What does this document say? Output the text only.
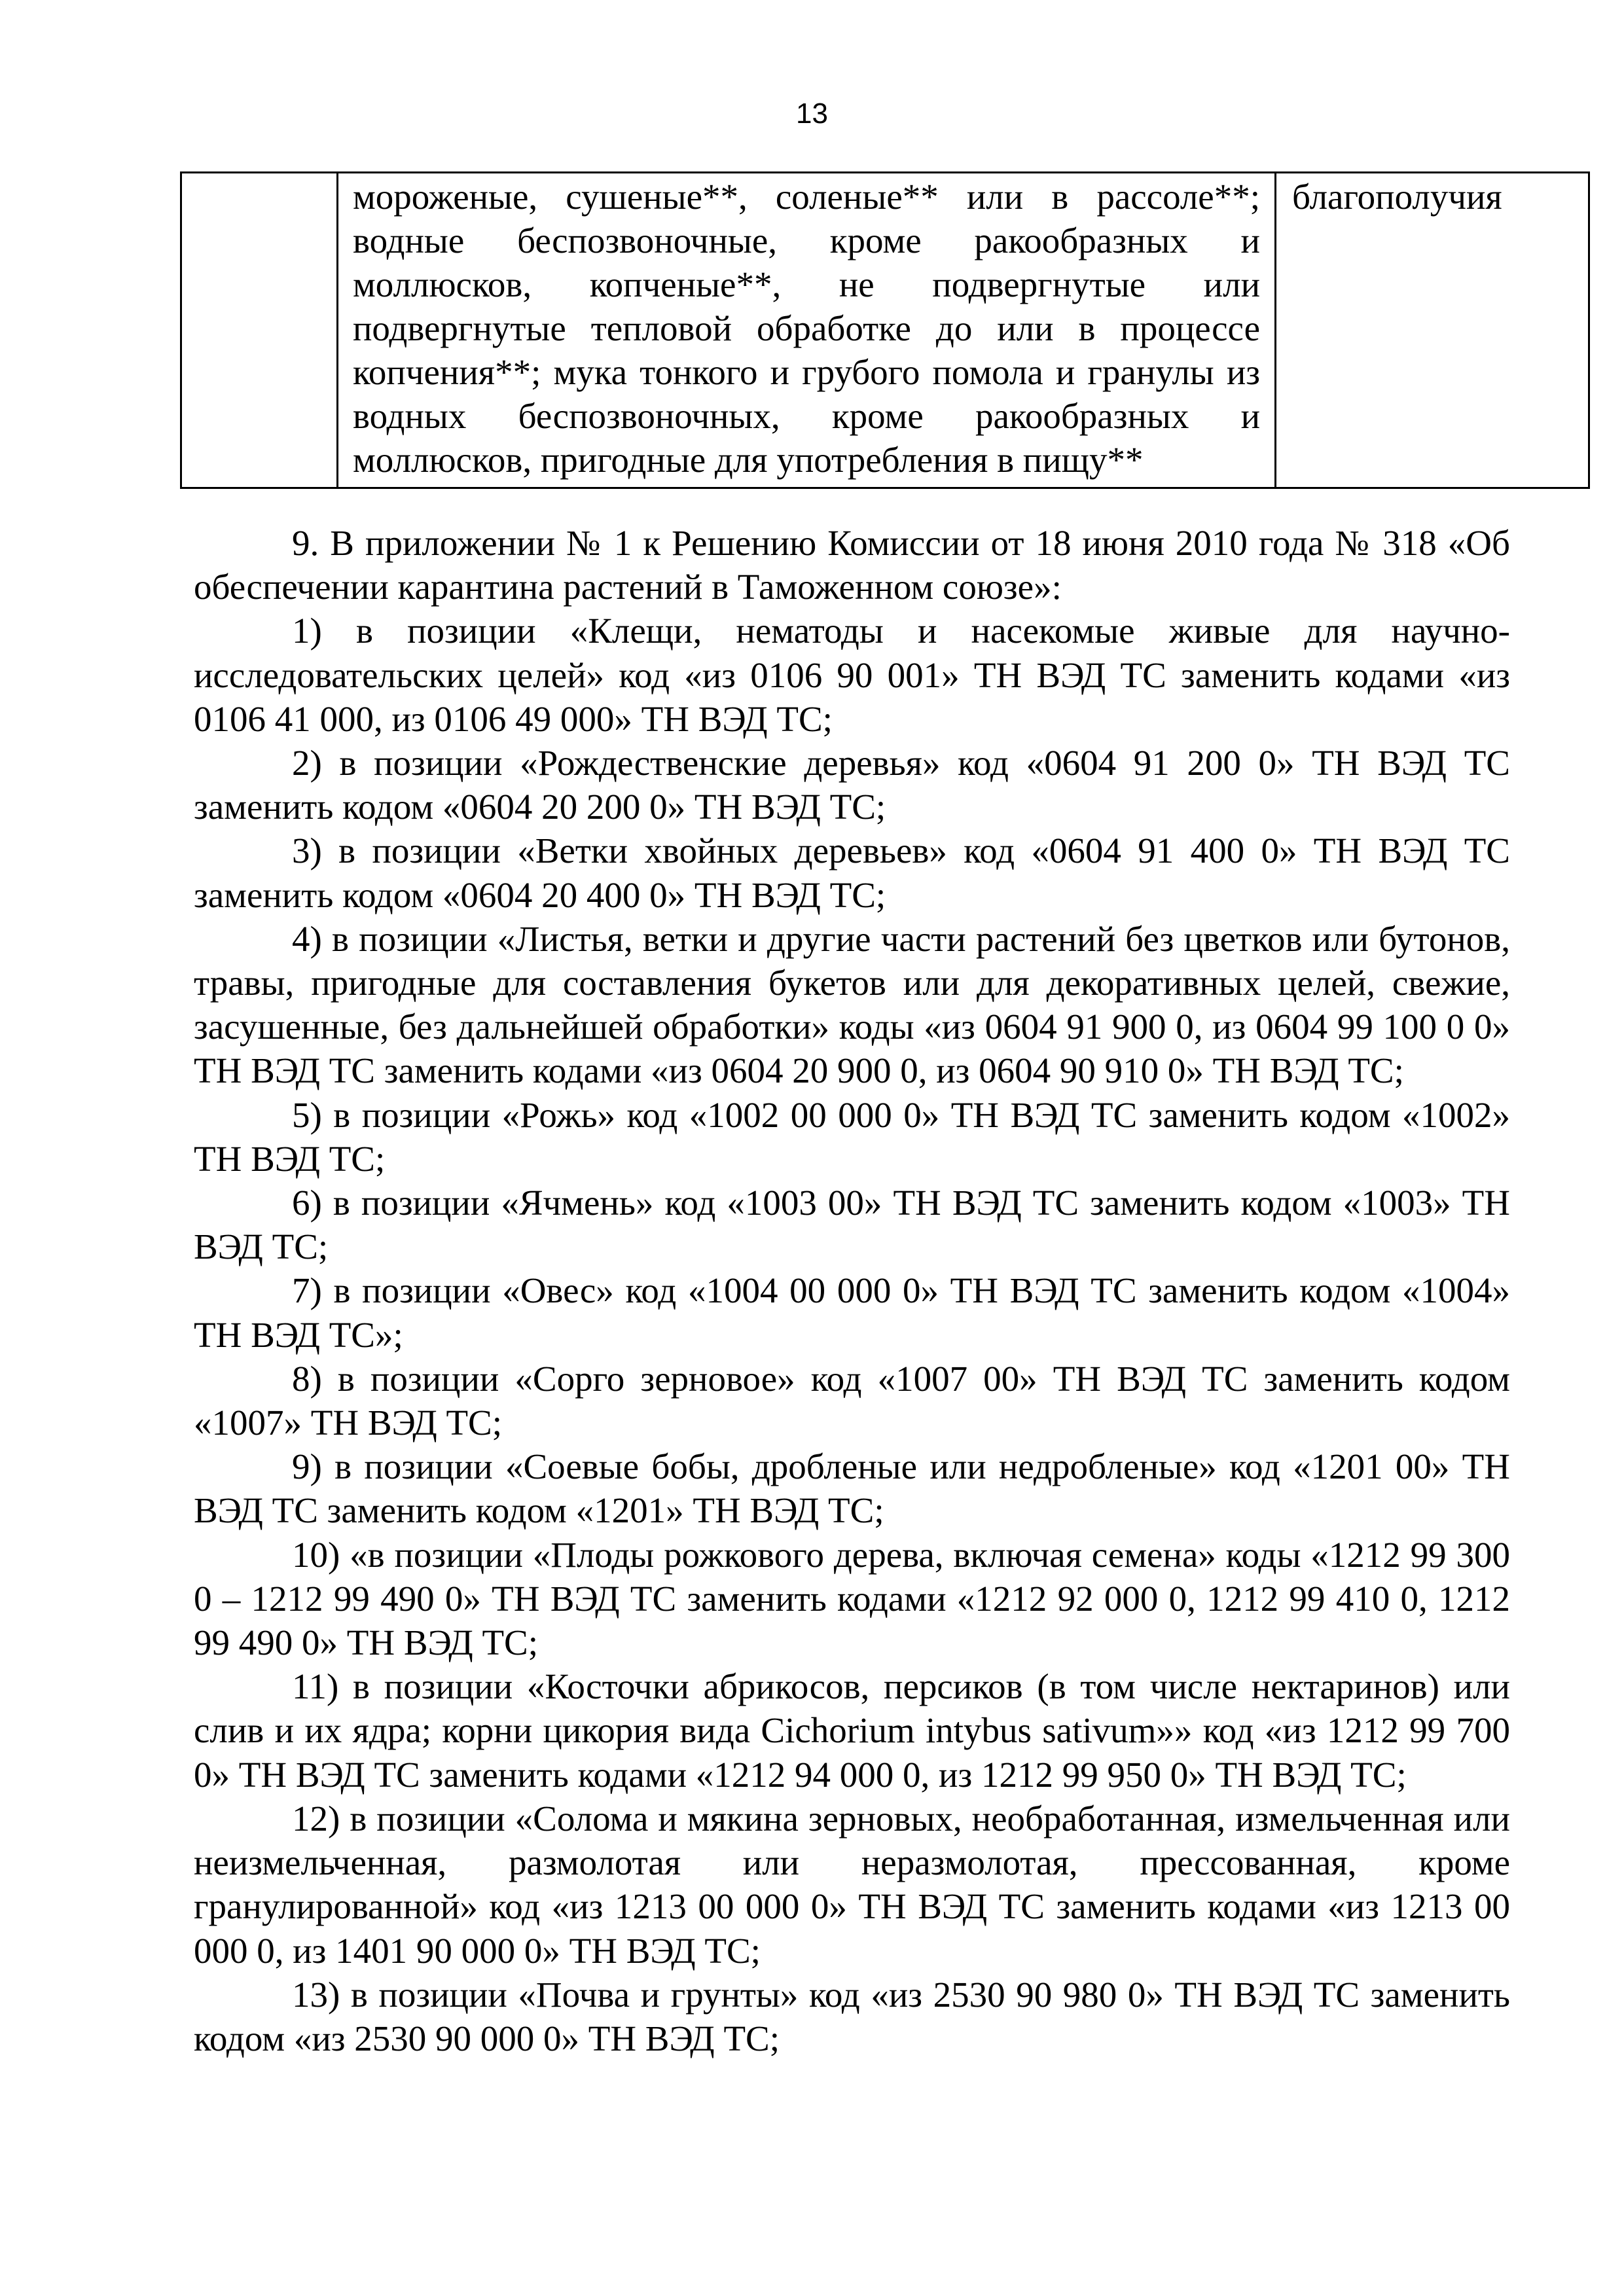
13
	мороженые, сушеные**, соленые** или в рассоле**; водные беспозвоночные, кроме ракообразных и моллюсков, копченые**, не подвергнутые или подвергнутые тепловой обработке до или в процессе копчения**; мука тонкого и грубого помола и гранулы из водных беспозвоночных, кроме ракообразных и моллюсков, пригодные для употребления в пищу**	благополучия

9. В приложении № 1 к Решению Комиссии от 18 июня 2010 года № 318 «Об обеспечении карантина растений в Таможенном союзе»:

1) в позиции «Клещи, нематоды и насекомые живые для научно-исследовательских целей» код «из 0106 90 001» ТН ВЭД ТС заменить кодами «из 0106 41 000, из 0106 49 000» ТН ВЭД ТС;

2) в позиции «Рождественские деревья» код «0604 91 200 0» ТН ВЭД ТС заменить кодом «0604 20 200 0» ТН ВЭД ТС;

3) в позиции «Ветки хвойных деревьев» код «0604 91 400 0» ТН ВЭД ТС заменить кодом «0604 20 400 0» ТН ВЭД ТС;

4) в позиции «Листья, ветки и другие части растений без цветков или бутонов, травы, пригодные для составления букетов или для декоративных целей, свежие, засушенные, без дальнейшей обработки» коды «из 0604 91 900 0, из 0604 99 100 0 0» ТН ВЭД ТС заменить кодами «из 0604 20 900 0, из 0604 90 910 0» ТН ВЭД ТС;

5) в позиции «Рожь» код «1002 00 000 0» ТН ВЭД ТС заменить кодом «1002» ТН ВЭД ТС;

6) в позиции «Ячмень» код «1003 00» ТН ВЭД ТС заменить кодом «1003» ТН ВЭД ТС;

7) в позиции «Овес» код «1004 00 000 0» ТН ВЭД ТС заменить кодом «1004» ТН ВЭД ТС»;

8) в позиции «Сорго зерновое» код «1007 00» ТН ВЭД ТС заменить кодом «1007» ТН ВЭД ТС;

9) в позиции «Соевые бобы, дробленые или недробленые» код «1201 00» ТН ВЭД ТС заменить кодом «1201» ТН ВЭД ТС;

10) «в позиции «Плоды рожкового дерева, включая семена» коды «1212 99 300 0 – 1212 99 490 0» ТН ВЭД ТС заменить кодами «1212 92 000 0, 1212 99 410 0, 1212 99 490 0» ТН ВЭД ТС;

11) в позиции «Косточки абрикосов, персиков (в том числе нектаринов) или слив и их ядра; корни цикория вида Cichorium intybus sativum»» код «из 1212 99 700 0» ТН ВЭД ТС заменить кодами «1212 94 000 0, из 1212 99 950 0» ТН ВЭД ТС;

12) в позиции «Солома и мякина зерновых, необработанная, измельченная или неизмельченная, размолотая или неразмолотая, прессованная, кроме гранулированной» код «из 1213 00 000 0» ТН ВЭД ТС заменить кодами «из 1213 00 000 0, из 1401 90 000 0» ТН ВЭД ТС;

13) в позиции «Почва и грунты» код «из 2530 90 980 0» ТН ВЭД ТС заменить кодом «из 2530 90 000 0» ТН ВЭД ТС;
